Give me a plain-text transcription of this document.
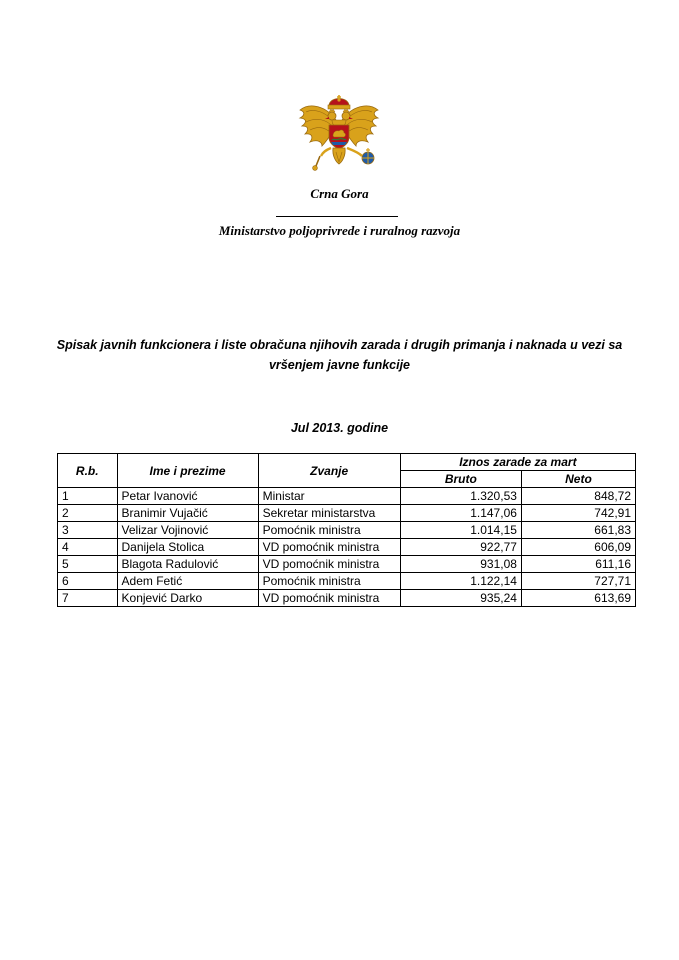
Crna Gora
Ministarstvo poljoprivrede i ruralnog razvoja
Spisak javnih funkcionera i liste obračuna njihovih zarada i drugih primanja i naknada u vezi sa vršenjem javne funkcije
Jul 2013. godine
R.b.	Ime i prezime	Zvanje	Iznos zarade za mart	
			Bruto	Neto
1	Petar Ivanović	Ministar	1.320,53	848,72
2	Branimir Vujačić	Sekretar ministarstva	1.147,06	742,91
3	Velizar Vojinović	Pomoćnik ministra	1.014,15	661,83
4	Danijela Stolica	VD pomoćnik ministra	922,77	606,09
5	Blagota Radulović	VD pomoćnik ministra	931,08	611,16
6	Adem Fetić	Pomoćnik ministra	1.122,14	727,71
7	Konjević Darko	VD pomoćnik ministra	935,24	613,69
